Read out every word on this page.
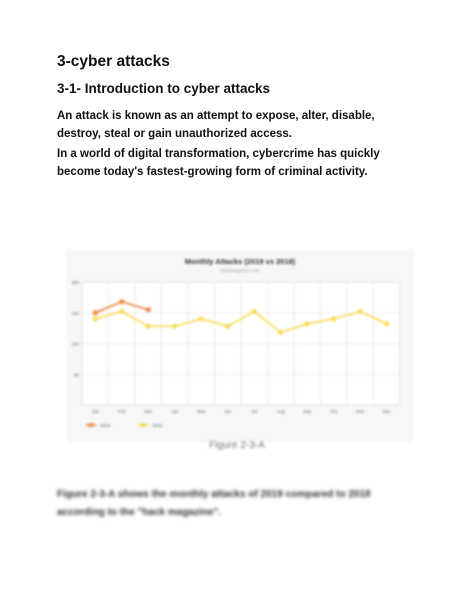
3-cyber attacks
3-1- Introduction to cyber attacks

An attack is known as an attempt to expose, alter, disable, destroy, steal or gain unauthorized access.

In a world of digital transformation, cybercrime has quickly become today's fastest-growing form of criminal activity.

Monthly Attacks (2019 vs 2018)
hackmagazine.com
50
100
150
200
Jan	Feb	Mar	Apr	May	Jun	Jul	Aug	Sep	Oct	Nov	Dec
2019	2018
Figure 2-3-A

Figure 2-3-A shows the monthly attacks of 2019 compared to 2018 according to the "hack magazine".
